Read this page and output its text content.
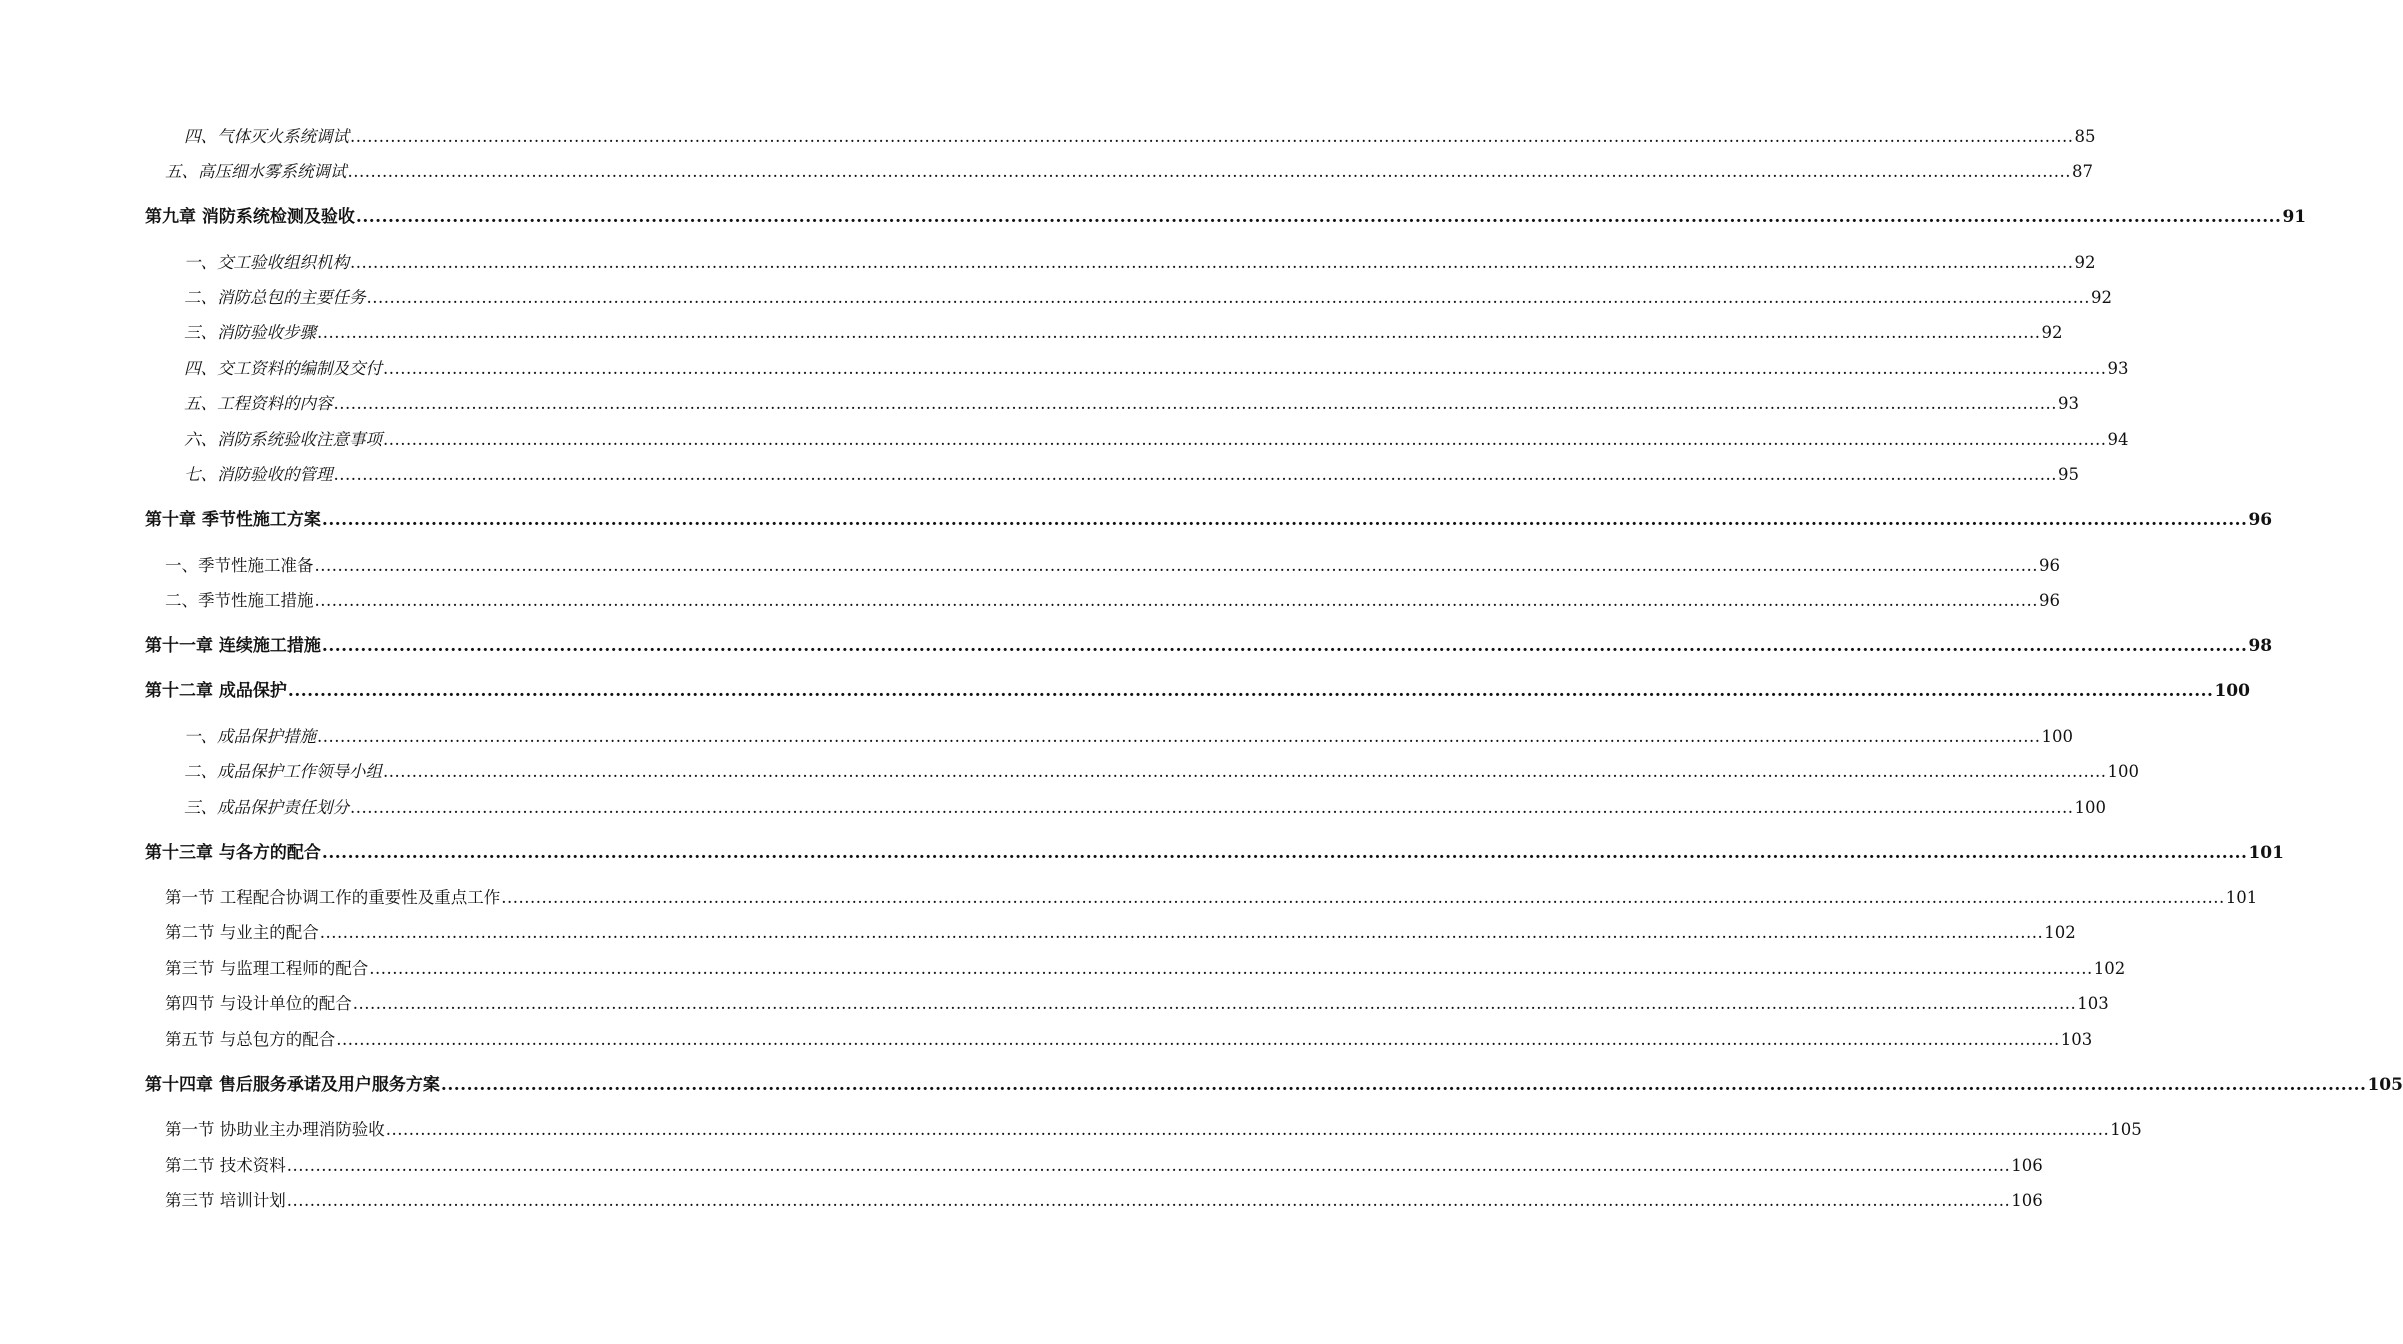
四、气体灭火系统调试 ............................................................................................................................................................................................................................................................................................................ 85
五、高压细水雾系统调试 ............................................................................................................................................................................................................................................................................................................ 87
第九章 消防系统检测及验收 ............................................................................................................................................................................................................................................................................................................ 91
一、交工验收组织机构 ............................................................................................................................................................................................................................................................................................................ 92
二、消防总包的主要任务 ............................................................................................................................................................................................................................................................................................................ 92
三、消防验收步骤 ............................................................................................................................................................................................................................................................................................................ 92
四、交工资料的编制及交付 ............................................................................................................................................................................................................................................................................................................ 93
五、工程资料的内容 ............................................................................................................................................................................................................................................................................................................ 93
六、消防系统验收注意事项 ............................................................................................................................................................................................................................................................................................................ 94
七、消防验收的管理 ............................................................................................................................................................................................................................................................................................................ 95
第十章 季节性施工方案 ............................................................................................................................................................................................................................................................................................................ 96
一、季节性施工准备 ............................................................................................................................................................................................................................................................................................................ 96
二、季节性施工措施 ............................................................................................................................................................................................................................................................................................................ 96
第十一章 连续施工措施 ............................................................................................................................................................................................................................................................................................................ 98
第十二章 成品保护 ............................................................................................................................................................................................................................................................................................................ 100
一、成品保护措施 ............................................................................................................................................................................................................................................................................................................ 100
二、成品保护工作领导小组 ............................................................................................................................................................................................................................................................................................................ 100
三、成品保护责任划分 ............................................................................................................................................................................................................................................................................................................ 100
第十三章 与各方的配合 ............................................................................................................................................................................................................................................................................................................ 101
第一节 工程配合协调工作的重要性及重点工作 ............................................................................................................................................................................................................................................................................................................ 101
第二节 与业主的配合 ............................................................................................................................................................................................................................................................................................................ 102
第三节 与监理工程师的配合 ............................................................................................................................................................................................................................................................................................................ 102
第四节 与设计单位的配合 ............................................................................................................................................................................................................................................................................................................ 103
第五节 与总包方的配合 ............................................................................................................................................................................................................................................................................................................ 103
第十四章 售后服务承诺及用户服务方案 ............................................................................................................................................................................................................................................................................................................ 105
第一节 协助业主办理消防验收 ............................................................................................................................................................................................................................................................................................................ 105
第二节 技术资料 ............................................................................................................................................................................................................................................................................................................ 106
第三节 培训计划 ............................................................................................................................................................................................................................................................................................................ 106
